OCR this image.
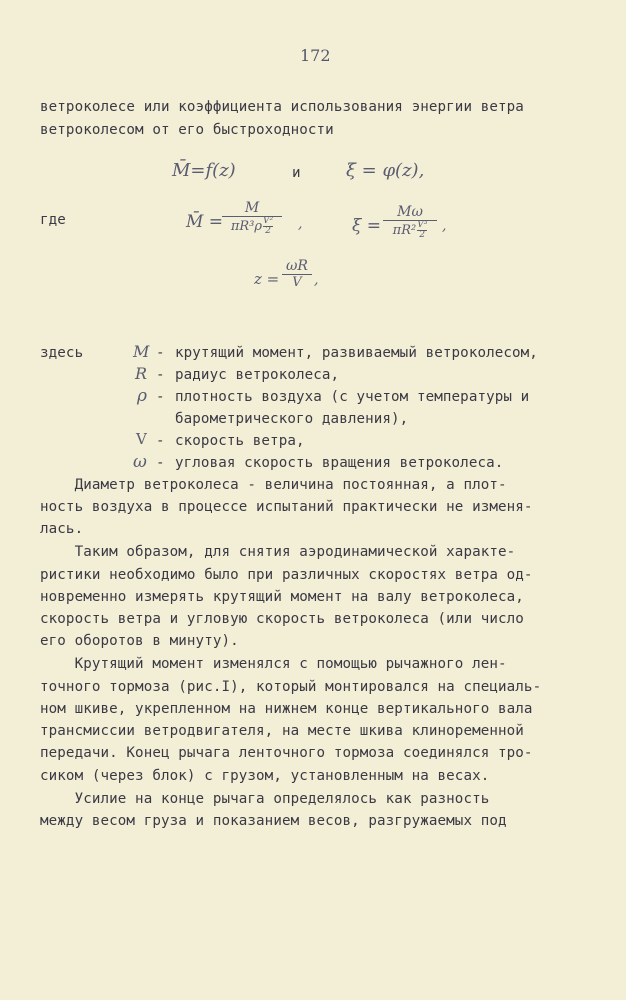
172
ветроколесе или коэффициента использования энергии ветра
ветроколесом от его быстроходности
M̄=f(z)	и	ξ = φ(z),
где	M̄ =
M
$\pi R^3\rho \frac{\text{V²}}{2}$ ,	ξ =
Mω
$\pi R^2 \frac{\text{V³}}{2}$ ,
z =
ωR
V ,
здесь	M - крутящий момент, развиваемый ветроколесом,
R - радиус ветроколеса,
ρ - плотность воздуха (с учетом температуры и
барометрического давления),
V - скорость ветра,
ω - угловая скорость вращения ветроколеса.
Диаметр ветроколеса - величина постоянная, а плот-
ность воздуха в процессе испытаний практически не изменя-
лась.
Таким образом, для снятия аэродинамической характе-
ристики необходимо было при различных скоростях ветра од-
новременно измерять крутящий момент на валу ветроколеса,
скорость ветра и угловую скорость ветроколеса (или число
его оборотов в минуту).
Крутящий момент изменялся с помощью рычажного лен-
точного тормоза (рис.I), который монтировался на специаль-
ном шкиве, укрепленном на нижнем конце вертикального вала
трансмиссии ветродвигателя, на месте шкива клиноременной
передачи. Конец рычага ленточного тормоза соединялся тро-
сиком (через блок) с грузом, установленным на весах.
Усилие на конце рычага определялось как разность
между весом груза и показанием весов, разгружаемых под
